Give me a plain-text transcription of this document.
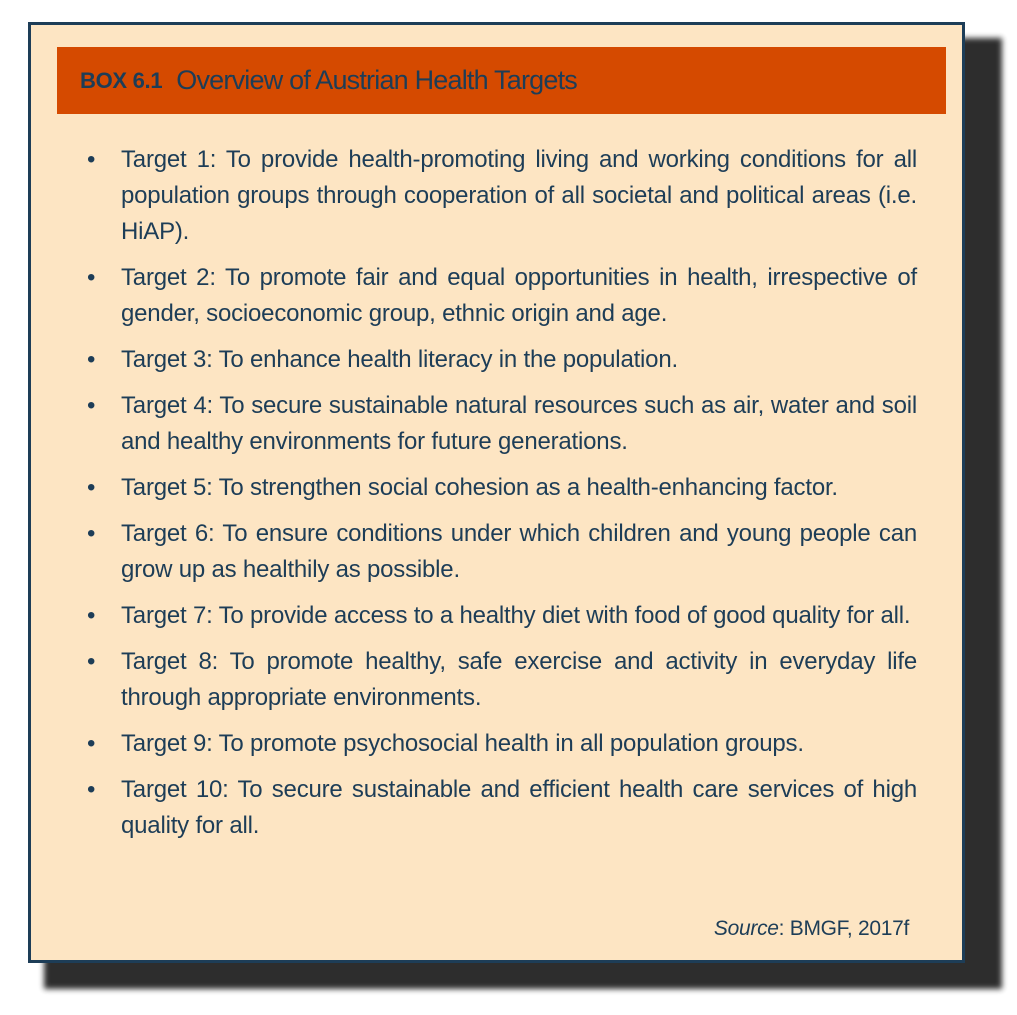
BOX 6.1 Overview of Austrian Health Targets
•	Target 1: To provide health-promoting living and working conditions for all population groups through cooperation of all societal and political areas (i.e. HiAP).
•	Target 2: To promote fair and equal opportunities in health, irrespective of gender, socioeconomic group, ethnic origin and age.
•	Target 3: To enhance health literacy in the population.
•	Target 4: To secure sustainable natural resources such as air, water and soil and healthy environments for future generations.
•	Target 5: To strengthen social cohesion as a health-enhancing factor.
•	Target 6: To ensure conditions under which children and young people can grow up as healthily as possible.
•	Target 7: To provide access to a healthy diet with food of good quality for all.
•	Target 8: To promote healthy, safe exercise and activity in everyday life through appropriate environments.
•	Target 9: To promote psychosocial health in all population groups.
•	Target 10: To secure sustainable and efficient health care services of high quality for all.
Source: BMGF, 2017f
